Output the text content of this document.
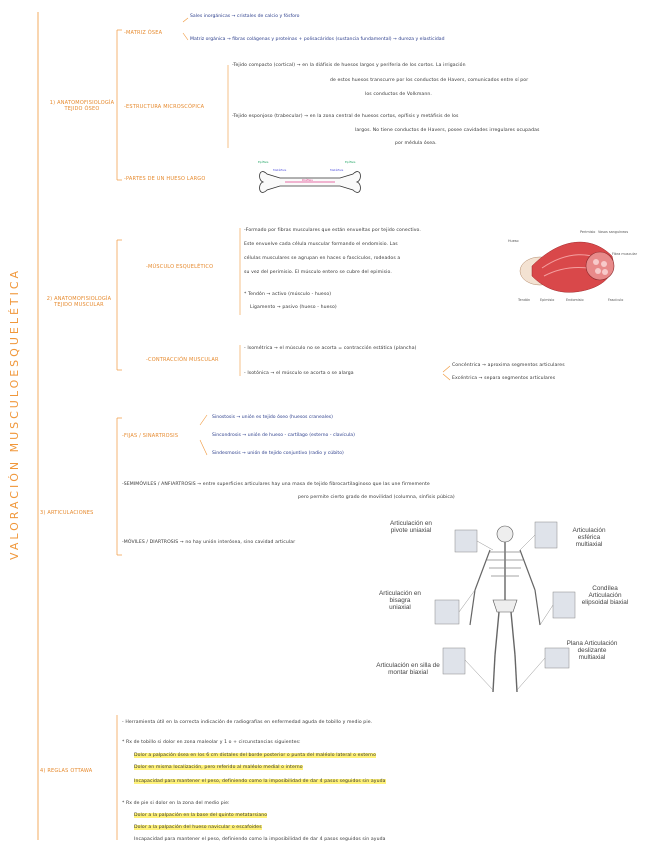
VALORACIÓN MUSCULOESQUELÉTICA
1) ANATOMOFISIOLOGÍA TEJIDO ÓSEO
-MATRIZ ÓSEA
Sales inorgánicas → cristales de calcio y fósforo
Matriz orgánica → fibras colágenas y proteínas + polisacáridos (sustancia fundamental) → dureza y elasticidad
-ESTRUCTURA MICROSCÓPICA
-Tejido compacto (cortical) → en la diáfisis de huesos largos y periferia de los cortos. La irrigación
de estos huesos transcurre por los conductos de Havers, comunicados entre sí por
los conductos de Volkmann.
-Tejido esponjoso (trabecular) → en la zona central de huesos cortos, epífisis y metáfisis de los
largos. No tiene conductos de Havers, posee cavidades irregulares ocupadas
por médula ósea.
-PARTES DE UN HUESO LARGO
Epífisis
Metáfisis
Diáfisis
Metáfisis
Epífisis
2) ANATOMOFISIOLOGÍA TEJIDO MUSCULAR
-MÚSCULO ESQUELÉTICO
-Formado por fibras musculares que están envueltas por tejido conectivo.
Este envuelve cada célula muscular formando el endomisio. Las
células musculares se agrupan en haces o fascículos, rodeados a
su vez del perimisio. El músculo entero se cubre del epimisio.
* Tendón → activo (músculo - hueso)
Ligamento → pasivo (hueso - hueso)
Hueso
Tendón	Epimisio	Endomisio
Perimisio Vasos sanguíneos
Fibra muscular
Fascículo
-CONTRACCIÓN MUSCULAR
- Isométrica → el músculo no se acorta = contracción estática (plancha)
- Isotónica → el músculo se acorta o se alarga
Concéntrica → aproxima segmentos articulares
Excéntrica → separa segmentos articulares
3) ARTICULACIONES
-FIJAS / SINARTROSIS
Sinostosis → unión es tejido óseo (huesos craneales)
Sincondrosis → unión de hueso - cartílago (esterno - clavícula)
Sindesmosis → unión de tejido conjuntivo (radio y cúbito)
-SEMIMÓVILES / ANFIARTROSIS → entre superficies articulares hay una masa de tejido fibrocartilaginoso que las une firmemente
pero permite cierto grado de movilidad (columna, sínfisis púbica)
-MÓVILES / DIARTROSIS → no hay unión interósea, sino cavidad articular
Articulación en pivote uniaxial	Articulación esférica multiaxial
Articulación en bisagra uniaxial
Condílea Articulación elipsoidal biaxial
Articulación en silla de montar biaxial
Plana Articulación deslizante multiaxial
4) REGLAS OTTAWA
- Herramienta útil en la correcta indicación de radiografías en enfermedad aguda de tobillo y medio pie.
* Rx de tobillo si dolor en zona maleolar y 1 o + circunstancias siguientes:
Dolor a palpación ósea en los 6 cm distales del borde posterior o punta del maléolo lateral o externo
Dolor en misma localización, pero referido al maléolo medial o interno
Incapacidad para mantener el peso, definiendo como la imposibilidad de dar 4 pasos seguidos sin ayuda
* Rx de pie si dolor en la zona del medio pie:
Dolor a la palpación en la base del quinto metatarsiano
Dolor a la palpación del hueso navicular o escafoides
Incapacidad para mantener el peso, definiendo como la imposibilidad de dar 4 pasos seguidos sin ayuda
